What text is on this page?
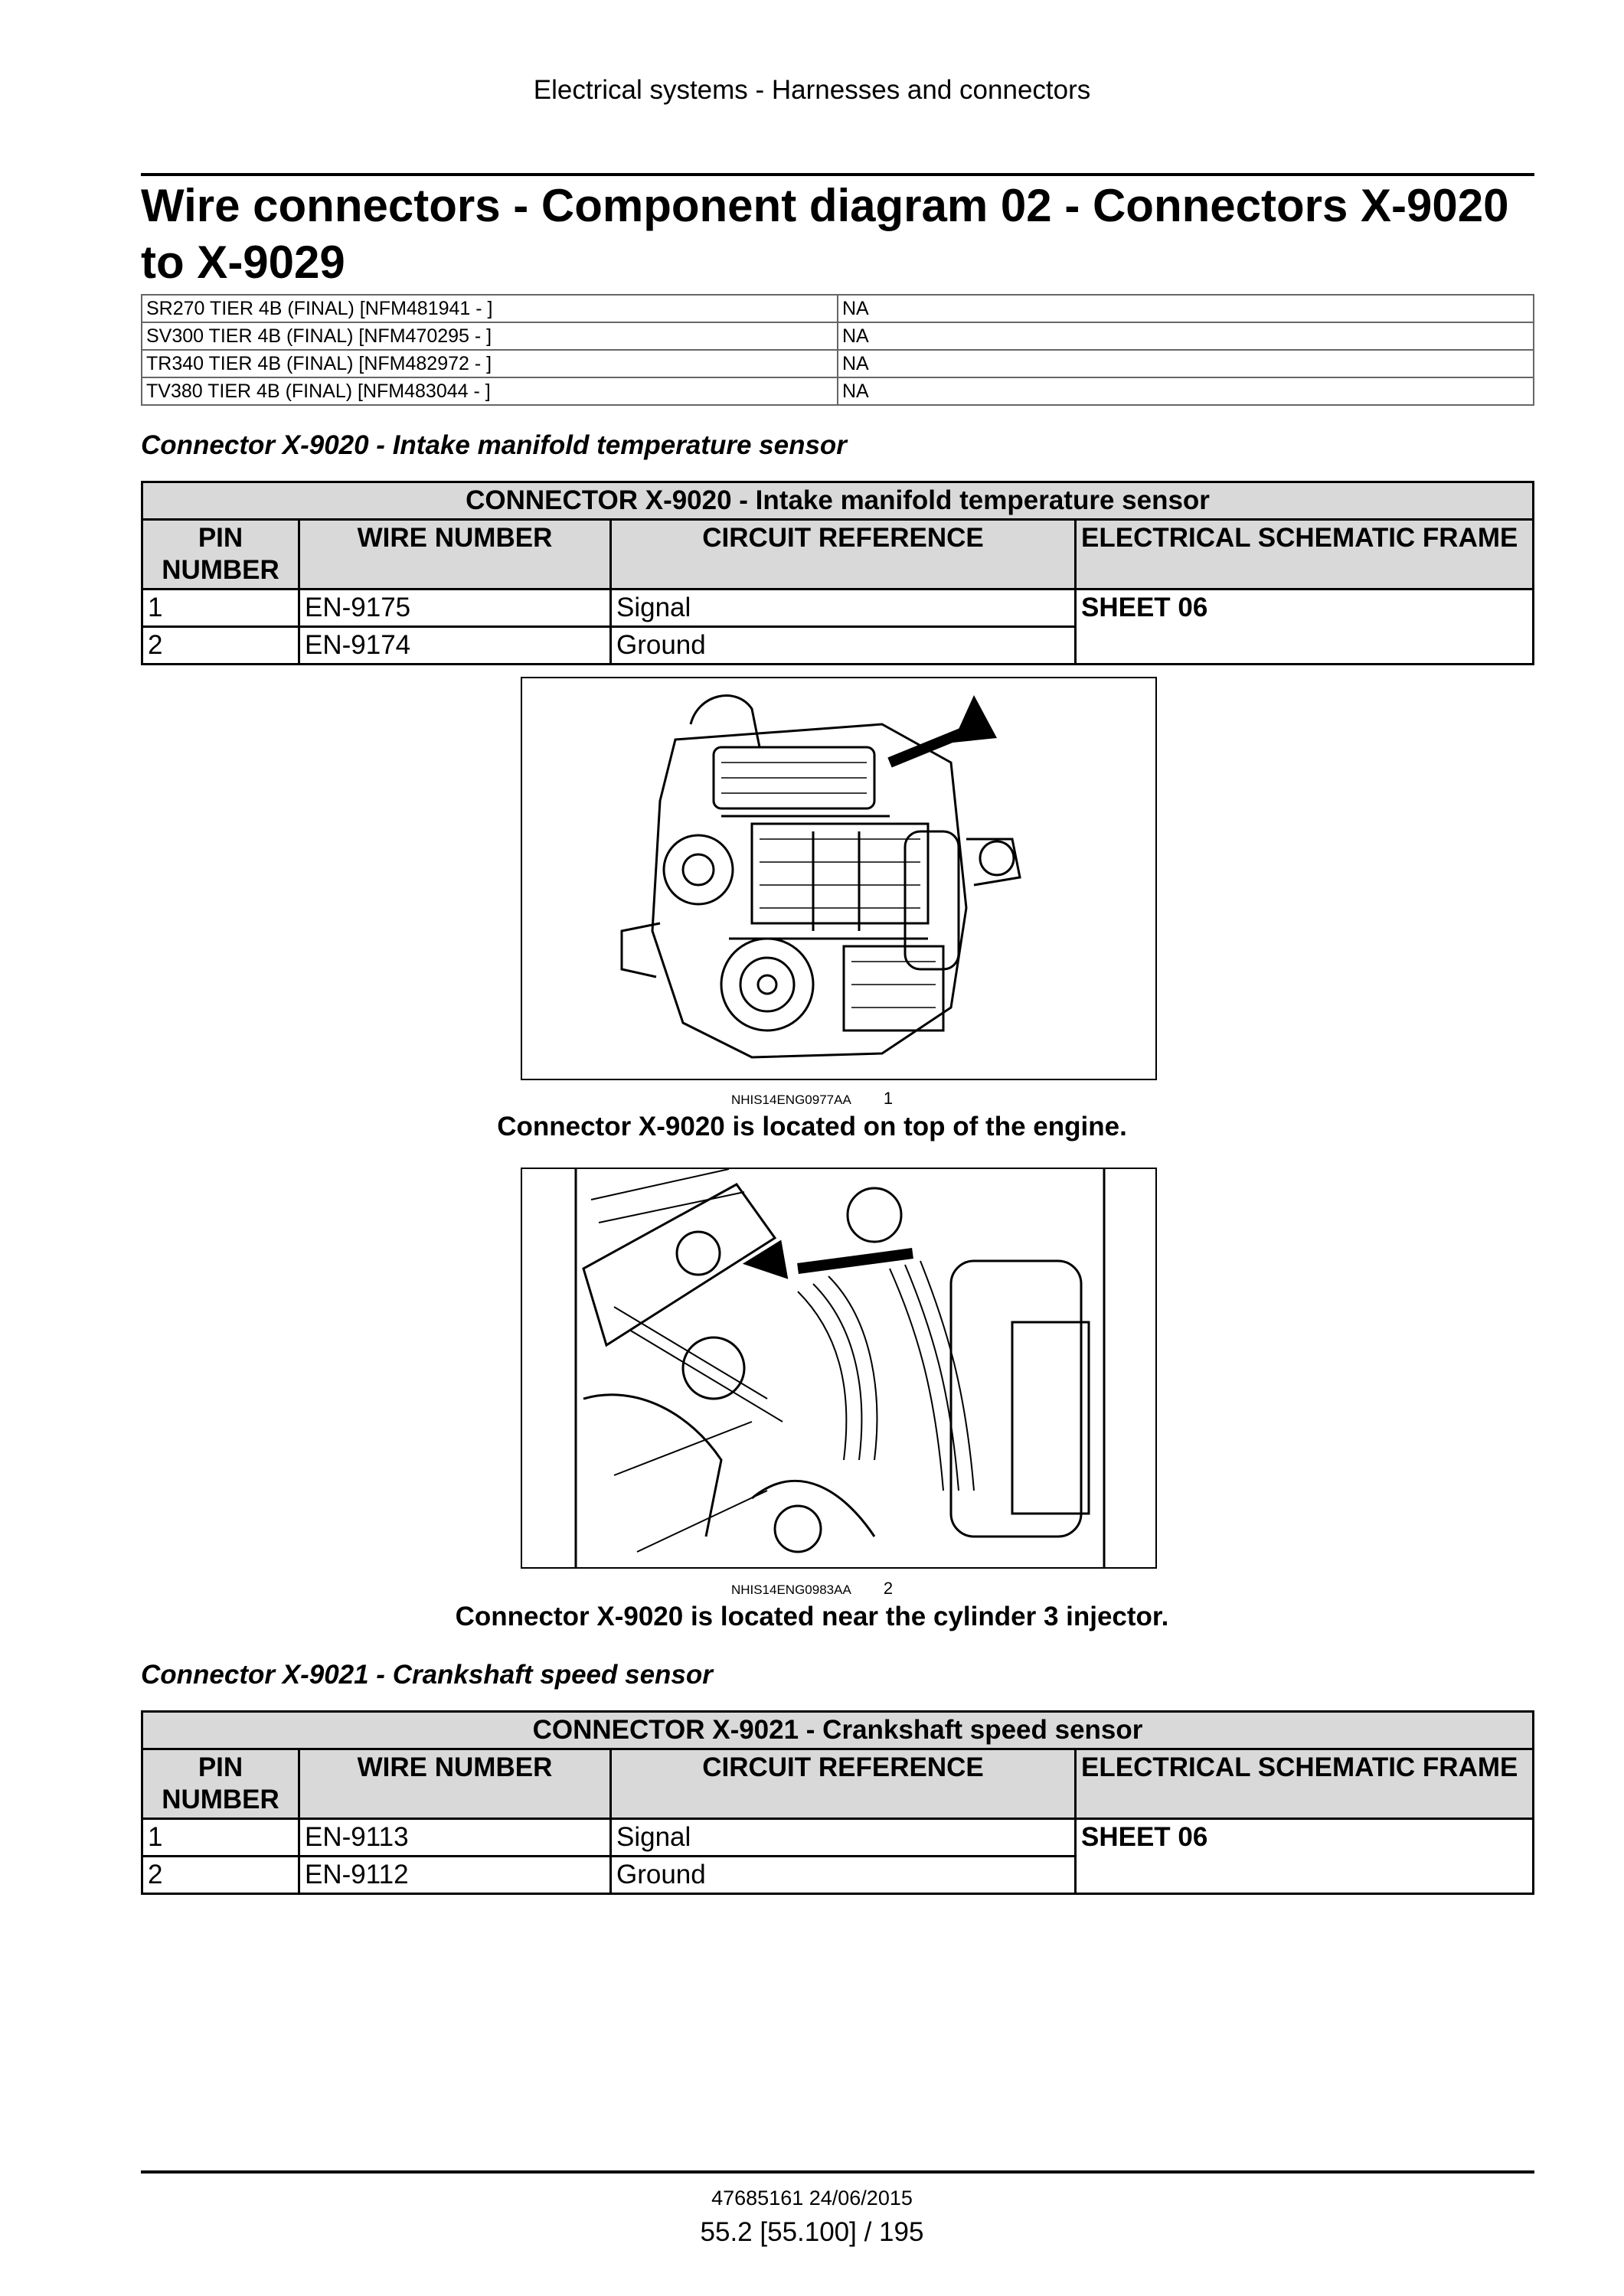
Electrical systems - Harnesses and connectors
Wire connectors - Component diagram 02 - Connectors X-9020 to X-9029
SR270 TIER 4B (FINAL) [NFM481941 - ]	NA
SV300 TIER 4B (FINAL) [NFM470295 - ]	NA
TR340 TIER 4B (FINAL) [NFM482972 - ]	NA
TV380 TIER 4B (FINAL) [NFM483044 - ]	NA
Connector X-9020 - Intake manifold temperature sensor
CONNECTOR X-9020 - Intake manifold temperature sensor			
PIN NUMBER	WIRE NUMBER	CIRCUIT REFERENCE	ELECTRICAL SCHEMATIC FRAME
1	EN-9175	Signal	SHEET 06
2	EN-9174	Ground	
NHIS14ENG0977AA 1
Connector X-9020 is located on top of the engine.
NHIS14ENG0983AA 2
Connector X-9020 is located near the cylinder 3 injector.
Connector X-9021 - Crankshaft speed sensor
CONNECTOR X-9021 - Crankshaft speed sensor			
PIN NUMBER	WIRE NUMBER	CIRCUIT REFERENCE	ELECTRICAL SCHEMATIC FRAME
1	EN-9113	Signal	SHEET 06
2	EN-9112	Ground	
47685161 24/06/2015
55.2 [55.100] / 195
